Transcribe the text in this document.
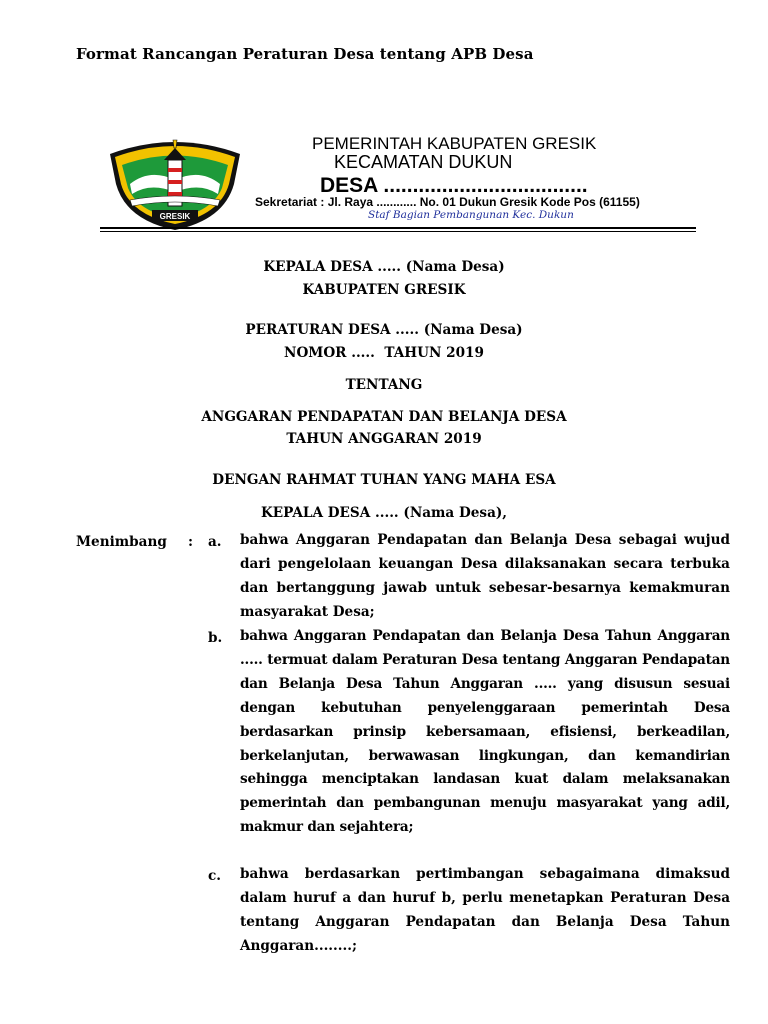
Format Rancangan Peraturan Desa tentang APB Desa
GRESIK
PEMERINTAH KABUPATEN GRESIK
KECAMATAN DUKUN
DESA ...................................
Sekretariat : Jl. Raya ............ No. 01 Dukun Gresik Kode Pos (61155)
Staf Bagian Pembangunan Kec. Dukun
KEPALA DESA ..... (Nama Desa)
KABUPATEN GRESIK
PERATURAN DESA ..... (Nama Desa)
NOMOR .....  TAHUN 2019
TENTANG
ANGGARAN PENDAPATAN DAN BELANJA DESA
TAHUN ANGGARAN 2019
DENGAN RAHMAT TUHAN YANG MAHA ESA
KEPALA DESA ..... (Nama Desa),
Menimbang : a. bahwa Anggaran Pendapatan dan Belanja Desa sebagai wujud dari pengelolaan keuangan Desa dilaksanakan secara terbuka dan bertanggung jawab untuk sebesar-besarnya kemakmuran masyarakat Desa;
b. bahwa Anggaran Pendapatan dan Belanja Desa Tahun Anggaran ..... termuat dalam Peraturan Desa tentang Anggaran Pendapatan dan Belanja Desa Tahun Anggaran ..... yang disusun sesuai dengan kebutuhan penyelenggaraan pemerintah Desa berdasarkan prinsip kebersamaan, efisiensi, berkeadilan, berkelanjutan, berwawasan lingkungan, dan kemandirian sehingga menciptakan landasan kuat dalam melaksanakan pemerintah dan pembangunan menuju masyarakat yang adil, makmur dan sejahtera;
c. bahwa berdasarkan pertimbangan sebagaimana dimaksud dalam huruf a dan huruf b, perlu menetapkan Peraturan Desa tentang Anggaran Pendapatan dan Belanja Desa Tahun Anggaran........;
